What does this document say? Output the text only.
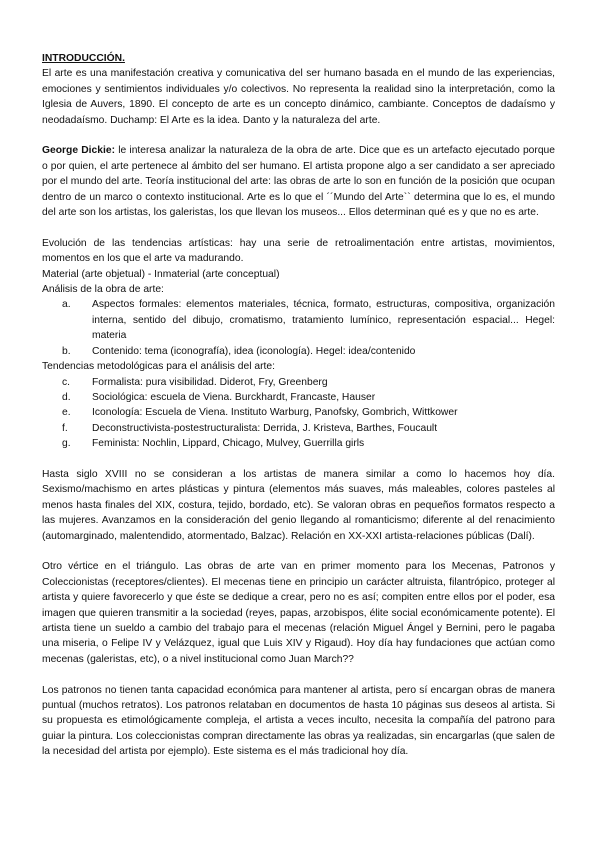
INTRODUCCIÓN.
El arte es una manifestación creativa y comunicativa del ser humano basada en el mundo de las experiencias, emociones y sentimientos individuales y/o colectivos. No representa la realidad sino la interpretación, como la Iglesia de Auvers, 1890. El concepto de arte es un concepto dinámico, cambiante. Conceptos de dadaísmo y neodadaísmo. Duchamp: El Arte es la idea. Danto y la naturaleza del arte.

George Dickie: le interesa analizar la naturaleza de la obra de arte. Dice que es un artefacto ejecutado porque o por quien, el arte pertenece al ámbito del ser humano. El artista propone algo a ser candidato a ser apreciado por el mundo del arte. Teoría institucional del arte: las obras de arte lo son en función de la posición que ocupan dentro de un marco o contexto institucional. Arte es lo que el ´´Mundo del Arte`` determina que lo es, el mundo del arte son los artistas, los galeristas, los que llevan los museos... Ellos determinan qué es y que no es arte.

Evolución de las tendencias artísticas: hay una serie de retroalimentación entre artistas, movimientos, momentos en los que el arte va madurando.
Material (arte objetual) - Inmaterial (arte conceptual)
Análisis de la obra de arte:
a. Aspectos formales: elementos materiales, técnica, formato, estructuras, compositiva, organización interna, sentido del dibujo, cromatismo, tratamiento lumínico, representación espacial... Hegel: materia
b. Contenido: tema (iconografía), idea (iconología). Hegel: idea/contenido
Tendencias metodológicas para el análisis del arte:
c. Formalista: pura visibilidad. Diderot, Fry, Greenberg
d. Sociológica: escuela de Viena. Burckhardt, Francaste, Hauser
e. Iconología: Escuela de Viena. Instituto Warburg, Panofsky, Gombrich, Wittkower
f. Deconstructivista-postestructuralista: Derrida, J. Kristeva, Barthes, Foucault
g. Feminista: Nochlin, Lippard, Chicago, Mulvey, Guerrilla girls

Hasta siglo XVIII no se consideran a los artistas de manera similar a como lo hacemos hoy día. Sexismo/machismo en artes plásticas y pintura (elementos más suaves, más maleables, colores pasteles al menos hasta finales del XIX, costura, tejido, bordado, etc). Se valoran obras en pequeños formatos respecto a las mujeres. Avanzamos en la consideración del genio llegando al romanticismo; diferente al del renacimiento (automarginado, malentendido, atormentado, Balzac). Relación en XX-XXI artista-relaciones públicas (Dalí).

Otro vértice en el triángulo. Las obras de arte van en primer momento para los Mecenas, Patronos y Coleccionistas (receptores/clientes). El mecenas tiene en principio un carácter altruista, filantrópico, proteger al artista y quiere favorecerlo y que éste se dedique a crear, pero no es así; compiten entre ellos por el poder, esa imagen que quieren transmitir a la sociedad (reyes, papas, arzobispos, élite social económicamente potente). El artista tiene un sueldo a cambio del trabajo para el mecenas (relación Miguel Ángel y Bernini, pero le pagaba una miseria, o Felipe IV y Velázquez, igual que Luis XIV y Rigaud). Hoy día hay fundaciones que actúan como mecenas (galeristas, etc), o a nivel institucional como Juan March??

Los patronos no tienen tanta capacidad económica para mantener al artista, pero sí encargan obras de manera puntual (muchos retratos). Los patronos relataban en documentos de hasta 10 páginas sus deseos al artista. Si su propuesta es etimológicamente compleja, el artista a veces inculto, necesita la compañía del patrono para guiar la pintura. Los coleccionistas compran directamente las obras ya realizadas, sin encargarlas (que salen de la necesidad del artista por ejemplo). Este sistema es el más tradicional hoy día.
